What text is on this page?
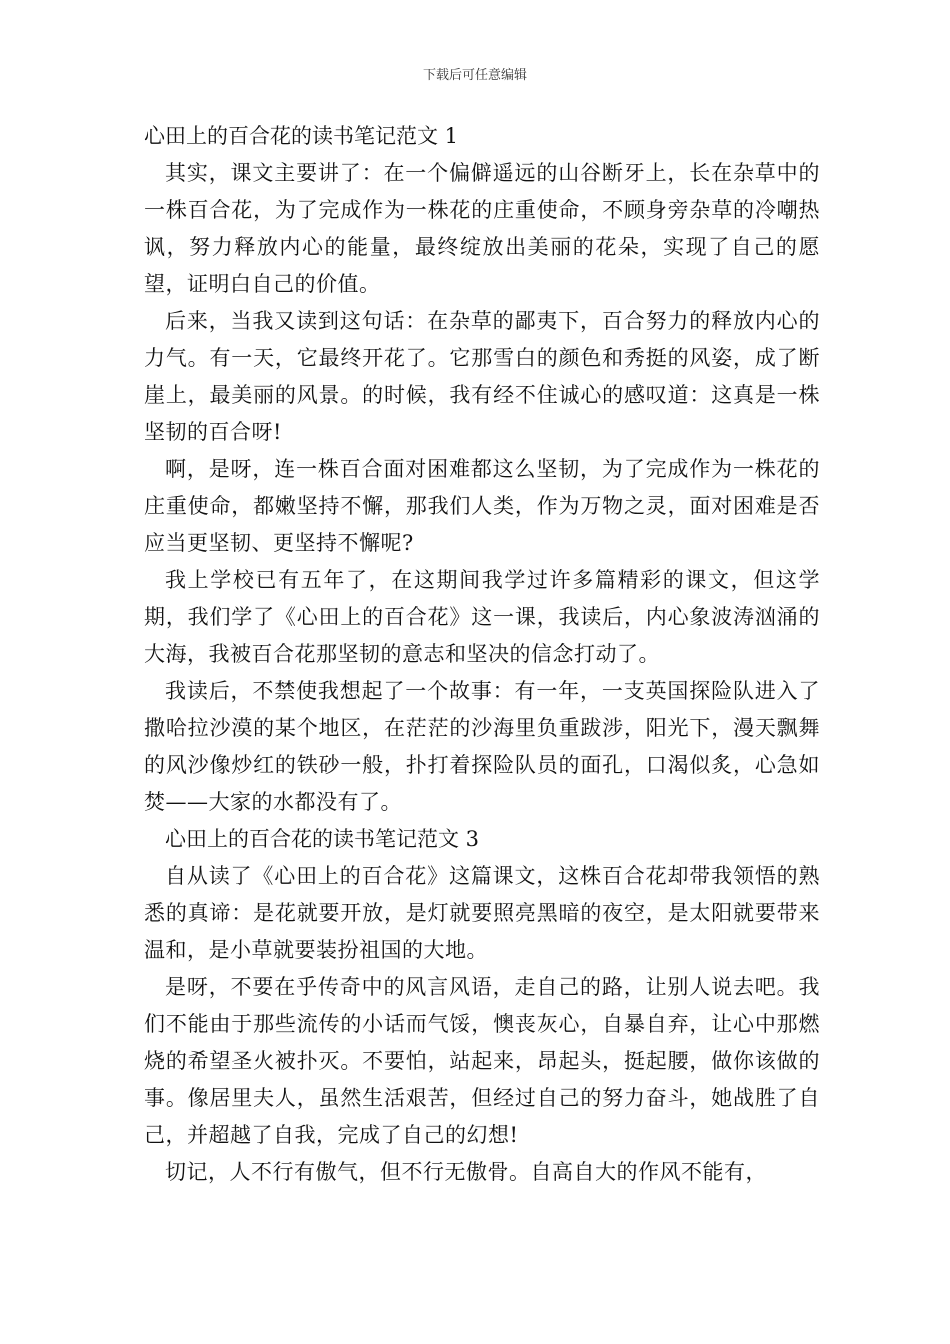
下载后可任意编辑

心田上的百合花的读书笔记范文 1

其实，课文主要讲了：在一个偏僻遥远的山谷断牙上，长在杂草中的一株百合花，为了完成作为一株花的庄重使命，不顾身旁杂草的冷嘲热讽，努力释放内心的能量，最终绽放出美丽的花朵，实现了自己的愿望，证明白自己的价值。

后来，当我又读到这句话：在杂草的鄙夷下，百合努力的释放内心的力气。有一天，它最终开花了。它那雪白的颜色和秀挺的风姿，成了断崖上，最美丽的风景。的时候，我有经不住诚心的感叹道：这真是一株坚韧的百合呀!

啊，是呀，连一株百合面对困难都这么坚韧，为了完成作为一株花的庄重使命，都嫩坚持不懈，那我们人类，作为万物之灵，面对困难是否应当更坚韧、更坚持不懈呢?

我上学校已有五年了，在这期间我学过许多篇精彩的课文，但这学期，我们学了《心田上的百合花》这一课，我读后，内心象波涛汹涌的大海，我被百合花那坚韧的意志和坚决的信念打动了。

我读后，不禁使我想起了一个故事：有一年，一支英国探险队进入了撒哈拉沙漠的某个地区，在茫茫的沙海里负重跋涉，阳光下，漫天飘舞的风沙像炒红的铁砂一般，扑打着探险队员的面孔，口渴似炙，心急如焚——大家的水都没有了。

心田上的百合花的读书笔记范文 3

自从读了《心田上的百合花》这篇课文，这株百合花却带我领悟的熟悉的真谛：是花就要开放，是灯就要照亮黑暗的夜空，是太阳就要带来温和，是小草就要装扮祖国的大地。

是呀，不要在乎传奇中的风言风语，走自己的路，让别人说去吧。我们不能由于那些流传的小话而气馁，懊丧灰心，自暴自弃，让心中那燃烧的希望圣火被扑灭。不要怕，站起来，昂起头，挺起腰，做你该做的事。像居里夫人，虽然生活艰苦，但经过自己的努力奋斗，她战胜了自己，并超越了自我，完成了自己的幻想!

切记，人不行有傲气，但不行无傲骨。自高自大的作风不能有，
